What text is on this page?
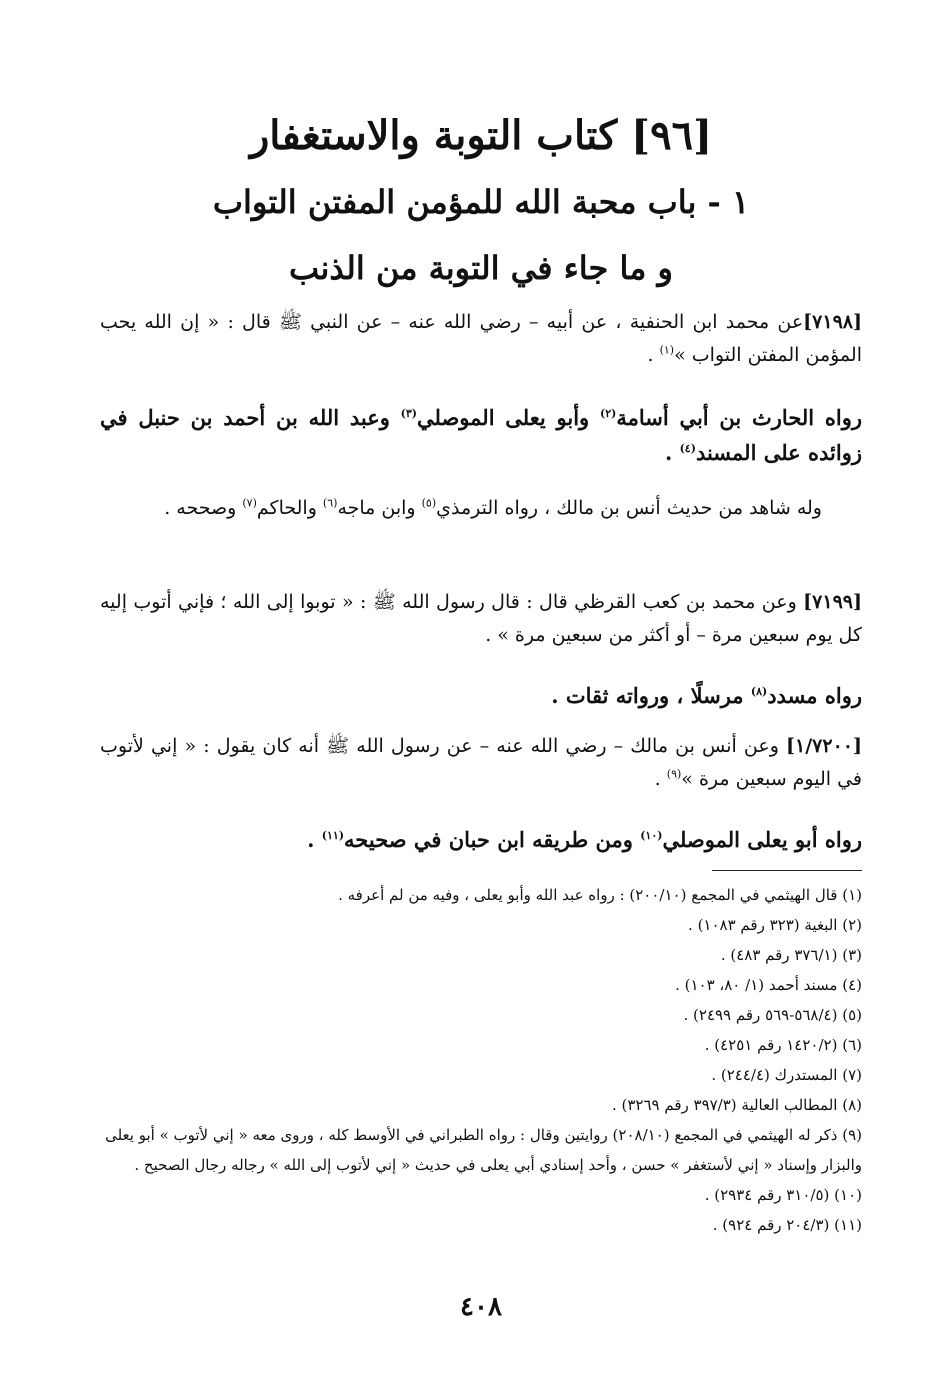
[٩٦] كتاب التوبة والاستغفار
١ - باب محبة الله للمؤمن المفتن التواب
و ما جاء في التوبة من الذنب
[٧١٩٨]عن محمد ابن الحنفية ، عن أبيه – رضي الله عنه – عن النبي ﷺ قال : « إن الله يحب المؤمن المفتن التواب »$^{(١)}$ .
رواه الحارث بن أبي أسامة$^{(٢)}$ وأبو يعلى الموصلي$^{(٣)}$ وعبد الله بن أحمد بن حنبل في زوائده على المسند$^{(٤)}$ .
وله شاهد من حديث أنس بن مالك ، رواه الترمذي$^{(٥)}$ وابن ماجه$^{(٦)}$ والحاكم$^{(٧)}$ وصححه .
[٧١٩٩] وعن محمد بن كعب القرظي قال : قال رسول الله ﷺ : « توبوا إلى الله ؛ فإني أتوب إليه كل يوم سبعين مرة – أو أكثر من سبعين مرة » .
رواه مسدد$^{(٨)}$ مرسلًا ، ورواته ثقات .
[١/٧٢٠٠] وعن أنس بن مالك – رضي الله عنه – عن رسول الله ﷺ أنه كان يقول : « إني لأتوب في اليوم سبعين مرة »$^{(٩)}$ .
رواه أبو يعلى الموصلي$^{(١٠)}$ ومن طريقه ابن حبان في صحيحه$^{(١١)}$ .

(١) قال الهيثمي في المجمع (٢٠٠/١٠) : رواه عبد الله وأبو يعلى ، وفيه من لم أعرفه .

(٢) البغية (٣٢٣ رقم ١٠٨٣) .

(٣) (٣٧٦/١ رقم ٤٨٣) .

(٤) مسند أحمد (١/ ٨٠، ١٠٣) .

(٥) (٥٦٨/٤-٥٦٩ رقم ٢٤٩٩) .

(٦) (١٤٢٠/٢ رقم ٤٢٥١) .

(٧) المستدرك (٢٤٤/٤) .

(٨) المطالب العالية (٣٩٧/٣ رقم ٣٢٦٩) .

(٩) ذكر له الهيثمي في المجمع (٢٠٨/١٠) روايتين وقال : رواه الطبراني في الأوسط كله ، وروى معه « إني لأتوب » أبو يعلى والبزار وإسناد « إني لأستغفر » حسن ، وأحد إسنادي أبي يعلى في حديث « إني لأتوب إلى الله » رجاله رجال الصحيح .

(١٠) (٣١٠/٥ رقم ٢٩٣٤) .

(١١) (٢٠٤/٣ رقم ٩٢٤) .

٤٠٨
